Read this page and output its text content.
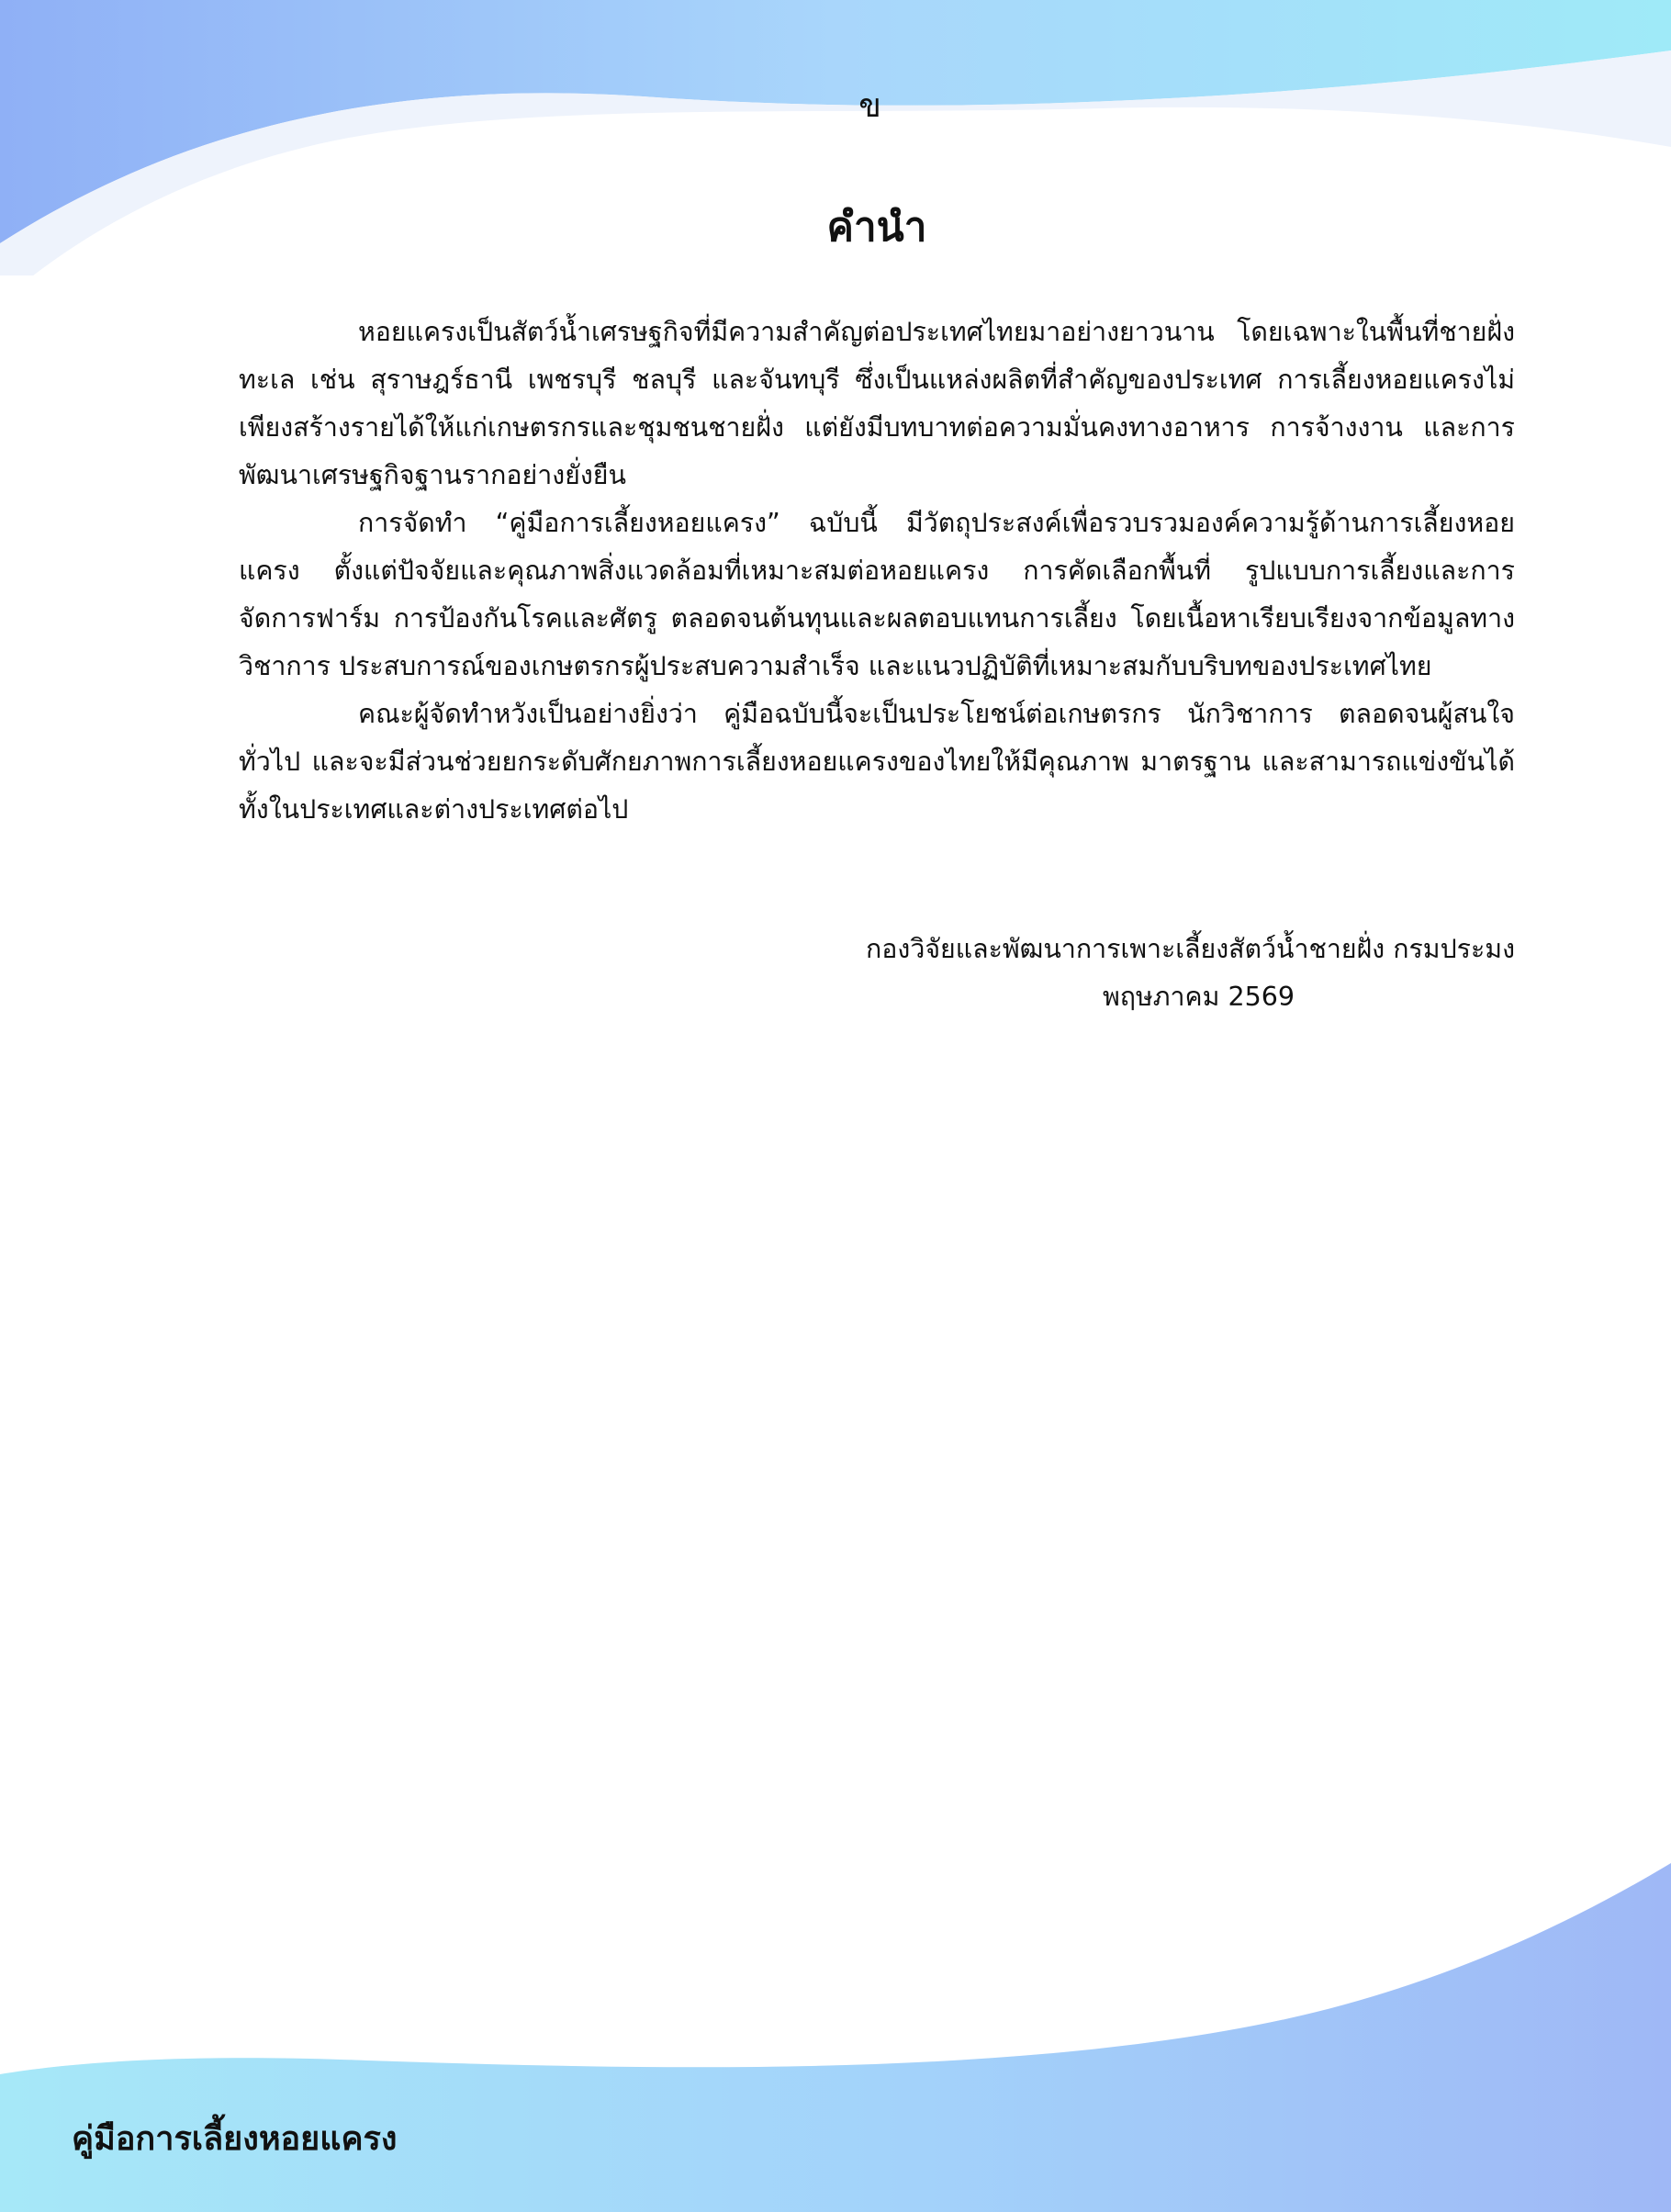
ข
คำนำ

หอยแครงเป็นสัตว์น้ำเศรษฐกิจที่มีความสำคัญต่อประเทศไทยมาอย่างยาวนาน โดยเฉพาะในพื้นที่ชายฝั่งทะเล เช่น สุราษฎร์ธานี เพชรบุรี ชลบุรี และจันทบุรี ซึ่งเป็นแหล่งผลิตที่สำคัญของประเทศ การเลี้ยงหอยแครงไม่เพียงสร้างรายได้ให้แก่เกษตรกรและชุมชนชายฝั่ง แต่ยังมีบทบาทต่อความมั่นคงทางอาหาร การจ้างงาน และการพัฒนาเศรษฐกิจฐานรากอย่างยั่งยืน

การจัดทำ “คู่มือการเลี้ยงหอยแครง” ฉบับนี้ มีวัตถุประสงค์เพื่อรวบรวมองค์ความรู้ด้านการเลี้ยงหอยแครง ตั้งแต่ปัจจัยและคุณภาพสิ่งแวดล้อมที่เหมาะสมต่อหอยแครง การคัดเลือกพื้นที่ รูปแบบการเลี้ยงและการจัดการฟาร์ม การป้องกันโรคและศัตรู ตลอดจนต้นทุนและผลตอบแทนการเลี้ยง โดยเนื้อหาเรียบเรียงจากข้อมูลทางวิชาการ ประสบการณ์ของเกษตรกรผู้ประสบความสำเร็จ และแนวปฏิบัติที่เหมาะสมกับบริบทของประเทศไทย

คณะผู้จัดทำหวังเป็นอย่างยิ่งว่า คู่มือฉบับนี้จะเป็นประโยชน์ต่อเกษตรกร นักวิชาการ ตลอดจนผู้สนใจทั่วไป และจะมีส่วนช่วยยกระดับศักยภาพการเลี้ยงหอยแครงของไทยให้มีคุณภาพ มาตรฐาน และสามารถแข่งขันได้ทั้งในประเทศและต่างประเทศต่อไป

กองวิจัยและพัฒนาการเพาะเลี้ยงสัตว์น้ำชายฝั่ง กรมประมง
พฤษภาคม 2569
คู่มือการเลี้ยงหอยแครง
